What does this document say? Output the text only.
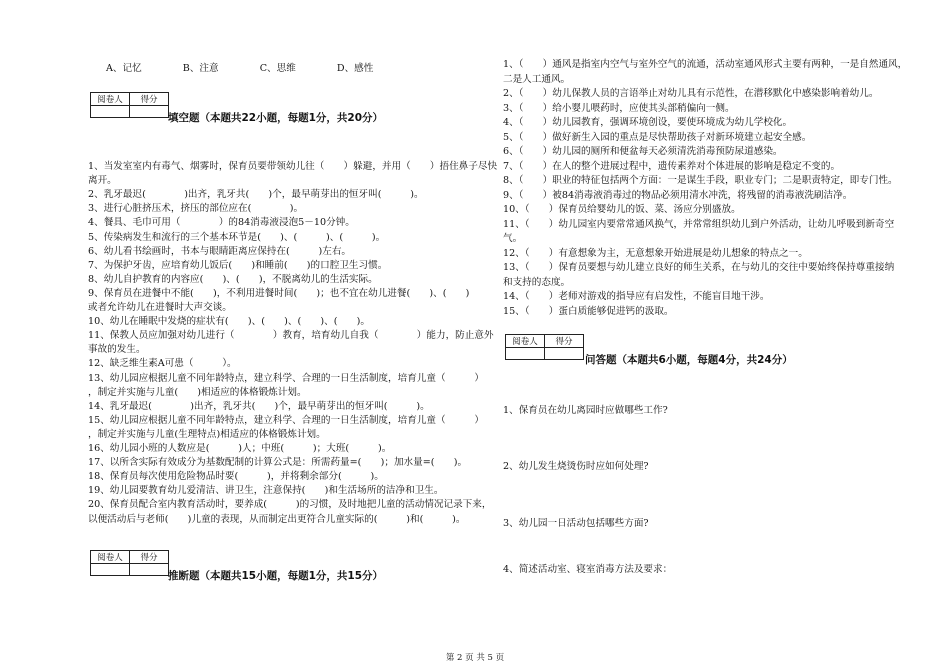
A、记忆	B、注意	C、思维	D、感性
阅卷人	得分

填空题（本题共22小题，每题1分，共20分）
1、当发室室内有毒气、烟雾时，保育员要带领幼儿往（　　）躲避，并用（　　）捂住鼻子尽快
离开。
2、乳牙最迟(　　　　)出齐，乳牙共(　　)个，最早萌芽出的恒牙叫(　　　)。
3、进行心脏挤压术，挤压的部位应在(　　　　)。
4、餐具、毛巾可用（　　　　）的84消毒液浸泡5－10分钟。
5、传染病发生和流行的三个基本环节是(　　)、(　　　)、(　　　)。
6、幼儿看书绘画时，书本与眼睛距离应保持在(　　　)左右。
7、为保护牙齿，应培育幼儿饭后(　　)和睡前(　　)的口腔卫生习惯。
8、幼儿自护教育的内容应(　　)、(　　)，不脱离幼儿的生活实际。
9、保育员在进餐中不能(　　)，不利用进餐时间(　　)；也不宜在幼儿进餐(　　)、(　　)
或者允许幼儿在进餐时大声交谈。
10、幼儿在睡眠中发烧的症状有(　　)、(　　)、(　　)、(　　)。
11、保教人员应加强对幼儿进行（　　　　）教育，培育幼儿自我（　　　　）能力，防止意外
事故的发生。
12、缺乏维生素A可患（　　　）。
13、幼儿园应根据儿童不同年龄特点，建立科学、合理的一日生活制度，培育儿童（　　　）
，制定并实施与儿童(　　)相适应的体格锻炼计划。
14、乳牙最迟(　　　　)出齐，乳牙共(　　)个，最早萌芽出的恒牙叫(　　　)。
15、幼儿园应根据儿童不同年龄特点，建立科学、合理的一日生活制度，培育儿童（　　　）
，制定并实施与儿童(生理特点)相适应的体格锻炼计划。
16、幼儿园小班的人数应是(　　　)人；中班(　　　)；大班(　　　)。
17、以所含实际有效成分为基数配制的计算公式是：所需药量=(　　)；加水量=(　　)。
18、保育员每次使用危险物品时要(　　　)，并将剩余部分(　　　)。
19、幼儿园要教育幼儿爱清洁、讲卫生，注意保持(　　)和生活场所的洁净和卫生。
20、保育员配合室内教育活动时，要养成(　　　)的习惯，及时地把儿童的活动情况记录下来，
以便活动后与老师(　　)儿童的表现，从而制定出更符合儿童实际的(　　　)和(　　　)。
阅卷人	得分

推断题（本题共15小题，每题1分，共15分）
1、（　　）通风是指室内空气与室外空气的流通，活动室通风形式主要有两种，一是自然通风，
二是人工通风。
2、（　　）幼儿保教人员的言语举止对幼儿具有示范性，在潜移默化中感染影响着幼儿。
3、（　　）给小婴儿喂药时，应使其头部稍偏向一侧。
4、（　　）幼儿园教育，强调环境创设，要使环境成为幼儿学校化。
5、（　　）做好新生入园的重点是尽快帮助孩子对新环境建立起安全感。
6、（　　）幼儿园的厕所和便盆每天必须清洗消毒预防尿道感染。
7、（　　）在人的整个进展过程中，遗传素养对个体进展的影响是稳定不变的。
8、（　　）职业的特征包括两个方面：一是谋生手段，职业专门；二是职责特定，即专门性。
9、（　　）被84消毒液消毒过的物品必须用清水冲洗，将残留的消毒液洗刷洁净。
10、（　　）保育员给婴幼儿的饭、菜、汤应分别盛放。
11、（　　）幼儿园室内要常常通风换气，并常常组织幼儿到户外活动，让幼儿呼吸到新奇空
气。
12、（　　）有意想象为主，无意想象开始进展是幼儿想象的特点之一。
13、（　　）保育员要想与幼儿建立良好的师生关系，在与幼儿的交往中要始终保持尊重接纳
和支持的态度。
14、（　　）老师对游戏的指导应有启发性，不能盲目地干涉。
15、（　　）蛋白质能够促进钙的汲取。
阅卷人	得分

问答题（本题共6小题，每题4分，共24分）
1、保育员在幼儿离园时应做哪些工作?
2、幼儿发生烧烫伤时应如何处理?
3、幼儿园一日活动包括哪些方面?
4、简述活动室、寝室消毒方法及要求：
第 2 页 共 5 页
